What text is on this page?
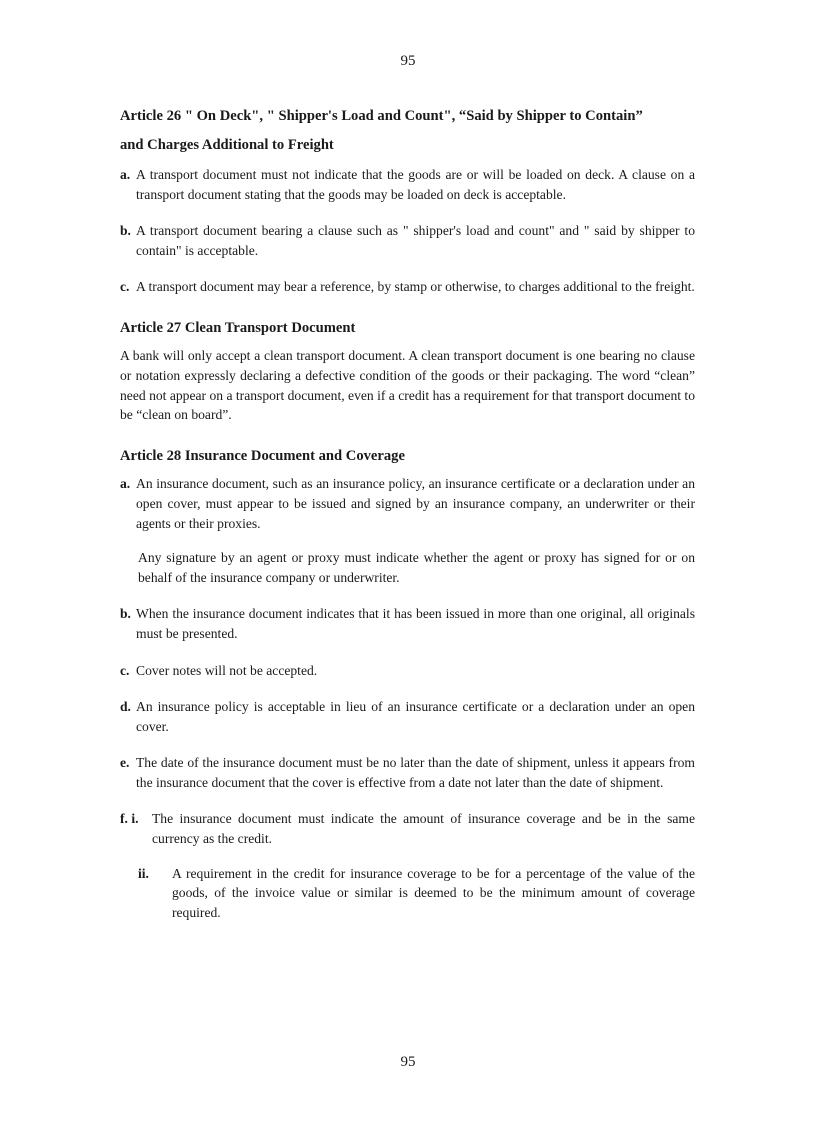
95

Article 26 " On Deck", " Shipper's Load and Count", “Said by Shipper to Contain”

and Charges Additional to Freight

a. A transport document must not indicate that the goods are or will be loaded on deck. A clause on a transport document stating that the goods may be loaded on deck is acceptable.
b. A transport document bearing a clause such as " shipper's load and count" and " said by shipper to contain" is acceptable.
c. A transport document may bear a reference, by stamp or otherwise, to charges additional to the freight.
Article 27 Clean Transport Document

A bank will only accept a clean transport document. A clean transport document is one bearing no clause or notation expressly declaring a defective condition of the goods or their packaging. The word “clean” need not appear on a transport document, even if a credit has a requirement for that transport document to be “clean on board”.

Article 28 Insurance Document and Coverage
a. An insurance document, such as an insurance policy, an insurance certificate or a declaration under an open cover, must appear to be issued and signed by an insurance company, an underwriter or their agents or their proxies.

Any signature by an agent or proxy must indicate whether the agent or proxy has signed for or on behalf of the insurance company or underwriter.

b. When the insurance document indicates that it has been issued in more than one original, all originals must be presented.
c. Cover notes will not be accepted.
d. An insurance policy is acceptable in lieu of an insurance certificate or a declaration under an open cover.
e. The date of the insurance document must be no later than the date of shipment, unless it appears from the insurance document that the cover is effective from a date not later than the date of shipment.
f. i. The insurance document must indicate the amount of insurance coverage and be in the same currency as the credit.
ii. A requirement in the credit for insurance coverage to be for a percentage of the value of the goods, of the invoice value or similar is deemed to be the minimum amount of coverage required.
95
